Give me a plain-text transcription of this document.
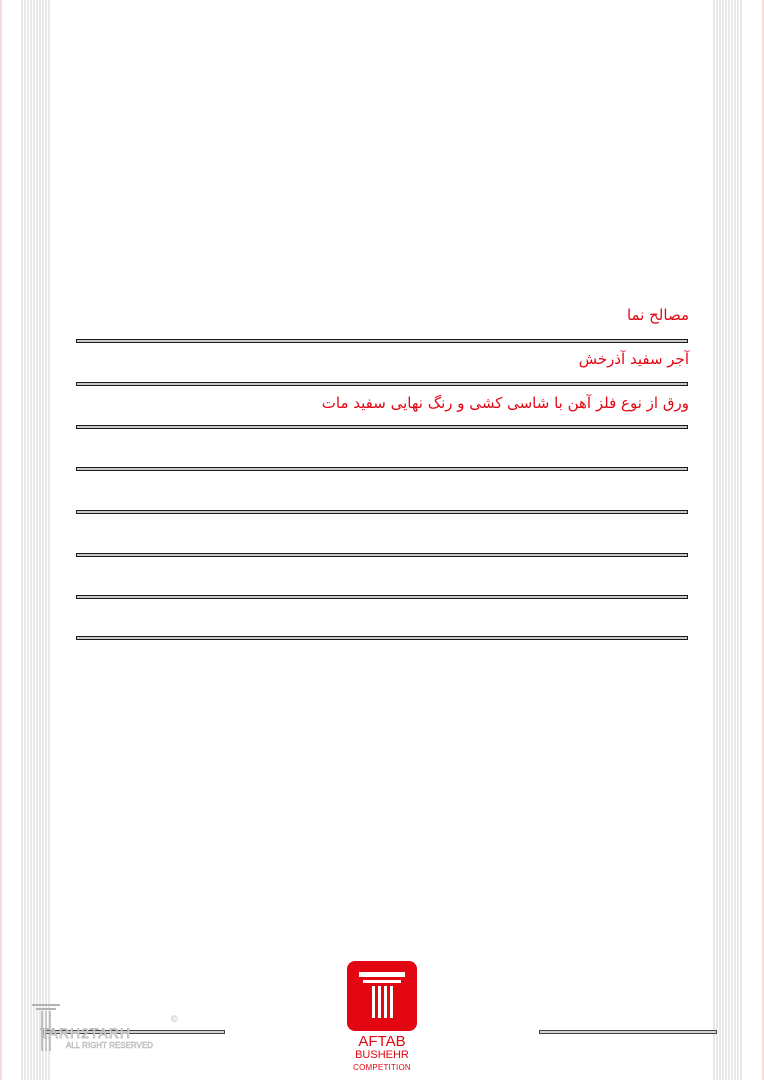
مصالح نما
آجر سفید آذرخش
ورق از نوع فلز آهن با شاسی کشی و رنگ نهایی سفید مات
TARH2TARH
ALL RIGHT RESERVED
©
AFTAB
BUSHEHR
COMPETITION
